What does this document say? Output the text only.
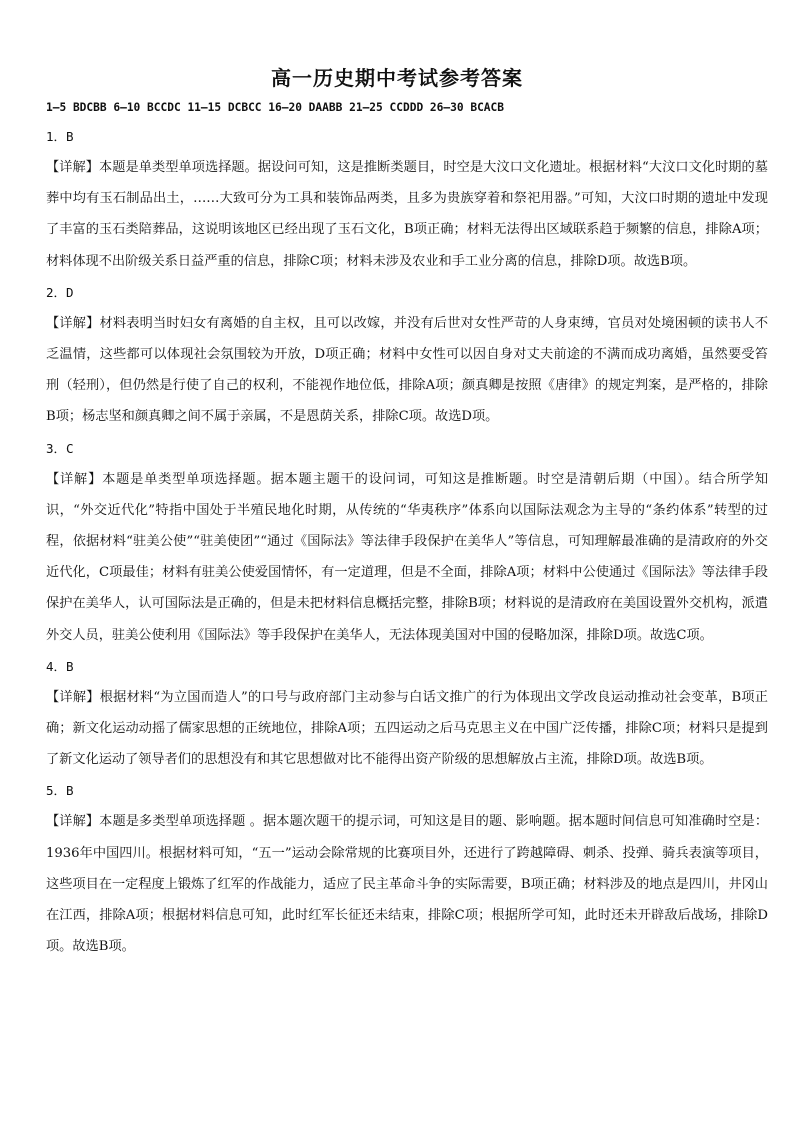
高一历史期中考试参考答案
1—5 BDCBB 6—10 BCCDC 11—15 DCBCC 16—20 DAABB 21—25 CCDDD 26—30 BCACB
1．B

【详解】本题是单类型单项选择题。据设问可知，这是推断类题目，时空是大汶口文化遗址。根据材料“大汶口文化时期的墓葬中均有玉石制品出土，……大致可分为工具和装饰品两类，且多为贵族穿着和祭祀用器。”可知，大汶口时期的遗址中发现了丰富的玉石类陪葬品，这说明该地区已经出现了玉石文化，B项正确；材料无法得出区域联系趋于频繁的信息，排除A项；材料体现不出阶级关系日益严重的信息，排除C项；材料未涉及农业和手工业分离的信息，排除D项。故选B项。

2．D

【详解】材料表明当时妇女有离婚的自主权，且可以改嫁，并没有后世对女性严苛的人身束缚，官员对处境困顿的读书人不乏温情，这些都可以体现社会氛围较为开放，D项正确；材料中女性可以因自身对丈夫前途的不满而成功离婚，虽然要受笞刑（轻刑），但仍然是行使了自己的权利，不能视作地位低，排除A项；颜真卿是按照《唐律》的规定判案，是严格的，排除B项；杨志坚和颜真卿之间不属于亲属，不是恩荫关系，排除C项。故选D项。

3．C

【详解】本题是单类型单项选择题。据本题主题干的设问词，可知这是推断题。时空是清朝后期（中国）。结合所学知识，“外交近代化”特指中国处于半殖民地化时期，从传统的“华夷秩序”体系向以国际法观念为主导的“条约体系”转型的过程，依据材料“驻美公使”“驻美使团”“通过《国际法》等法律手段保护在美华人”等信息，可知理解最准确的是清政府的外交近代化，C项最佳；材料有驻美公使爱国情怀，有一定道理，但是不全面，排除A项；材料中公使通过《国际法》等法律手段保护在美华人，认可国际法是正确的，但是未把材料信息概括完整，排除B项；材料说的是清政府在美国设置外交机构，派遣外交人员，驻美公使利用《国际法》等手段保护在美华人，无法体现美国对中国的侵略加深，排除D项。故选C项。

4．B

【详解】根据材料“为立国而造人”的口号与政府部门主动参与白话文推广的行为体现出文学改良运动推动社会变革，B项正确；新文化运动动摇了儒家思想的正统地位，排除A项；五四运动之后马克思主义在中国广泛传播，排除C项；材料只是提到了新文化运动了领导者们的思想没有和其它思想做对比不能得出资产阶级的思想解放占主流，排除D项。故选B项。

5．B

【详解】本题是多类型单项选择题 。据本题次题干的提示词，可知这是目的题、影响题。据本题时间信息可知准确时空是：1936年中国四川。根据材料可知，“五一”运动会除常规的比赛项目外，还进行了跨越障碍、刺杀、投弹、骑兵表演等项目，这些项目在一定程度上锻炼了红军的作战能力，适应了民主革命斗争的实际需要，B项正确；材料涉及的地点是四川，井冈山在江西，排除A项；根据材料信息可知，此时红军长征还未结束，排除C项；根据所学可知，此时还未开辟敌后战场，排除D项。故选B项。
